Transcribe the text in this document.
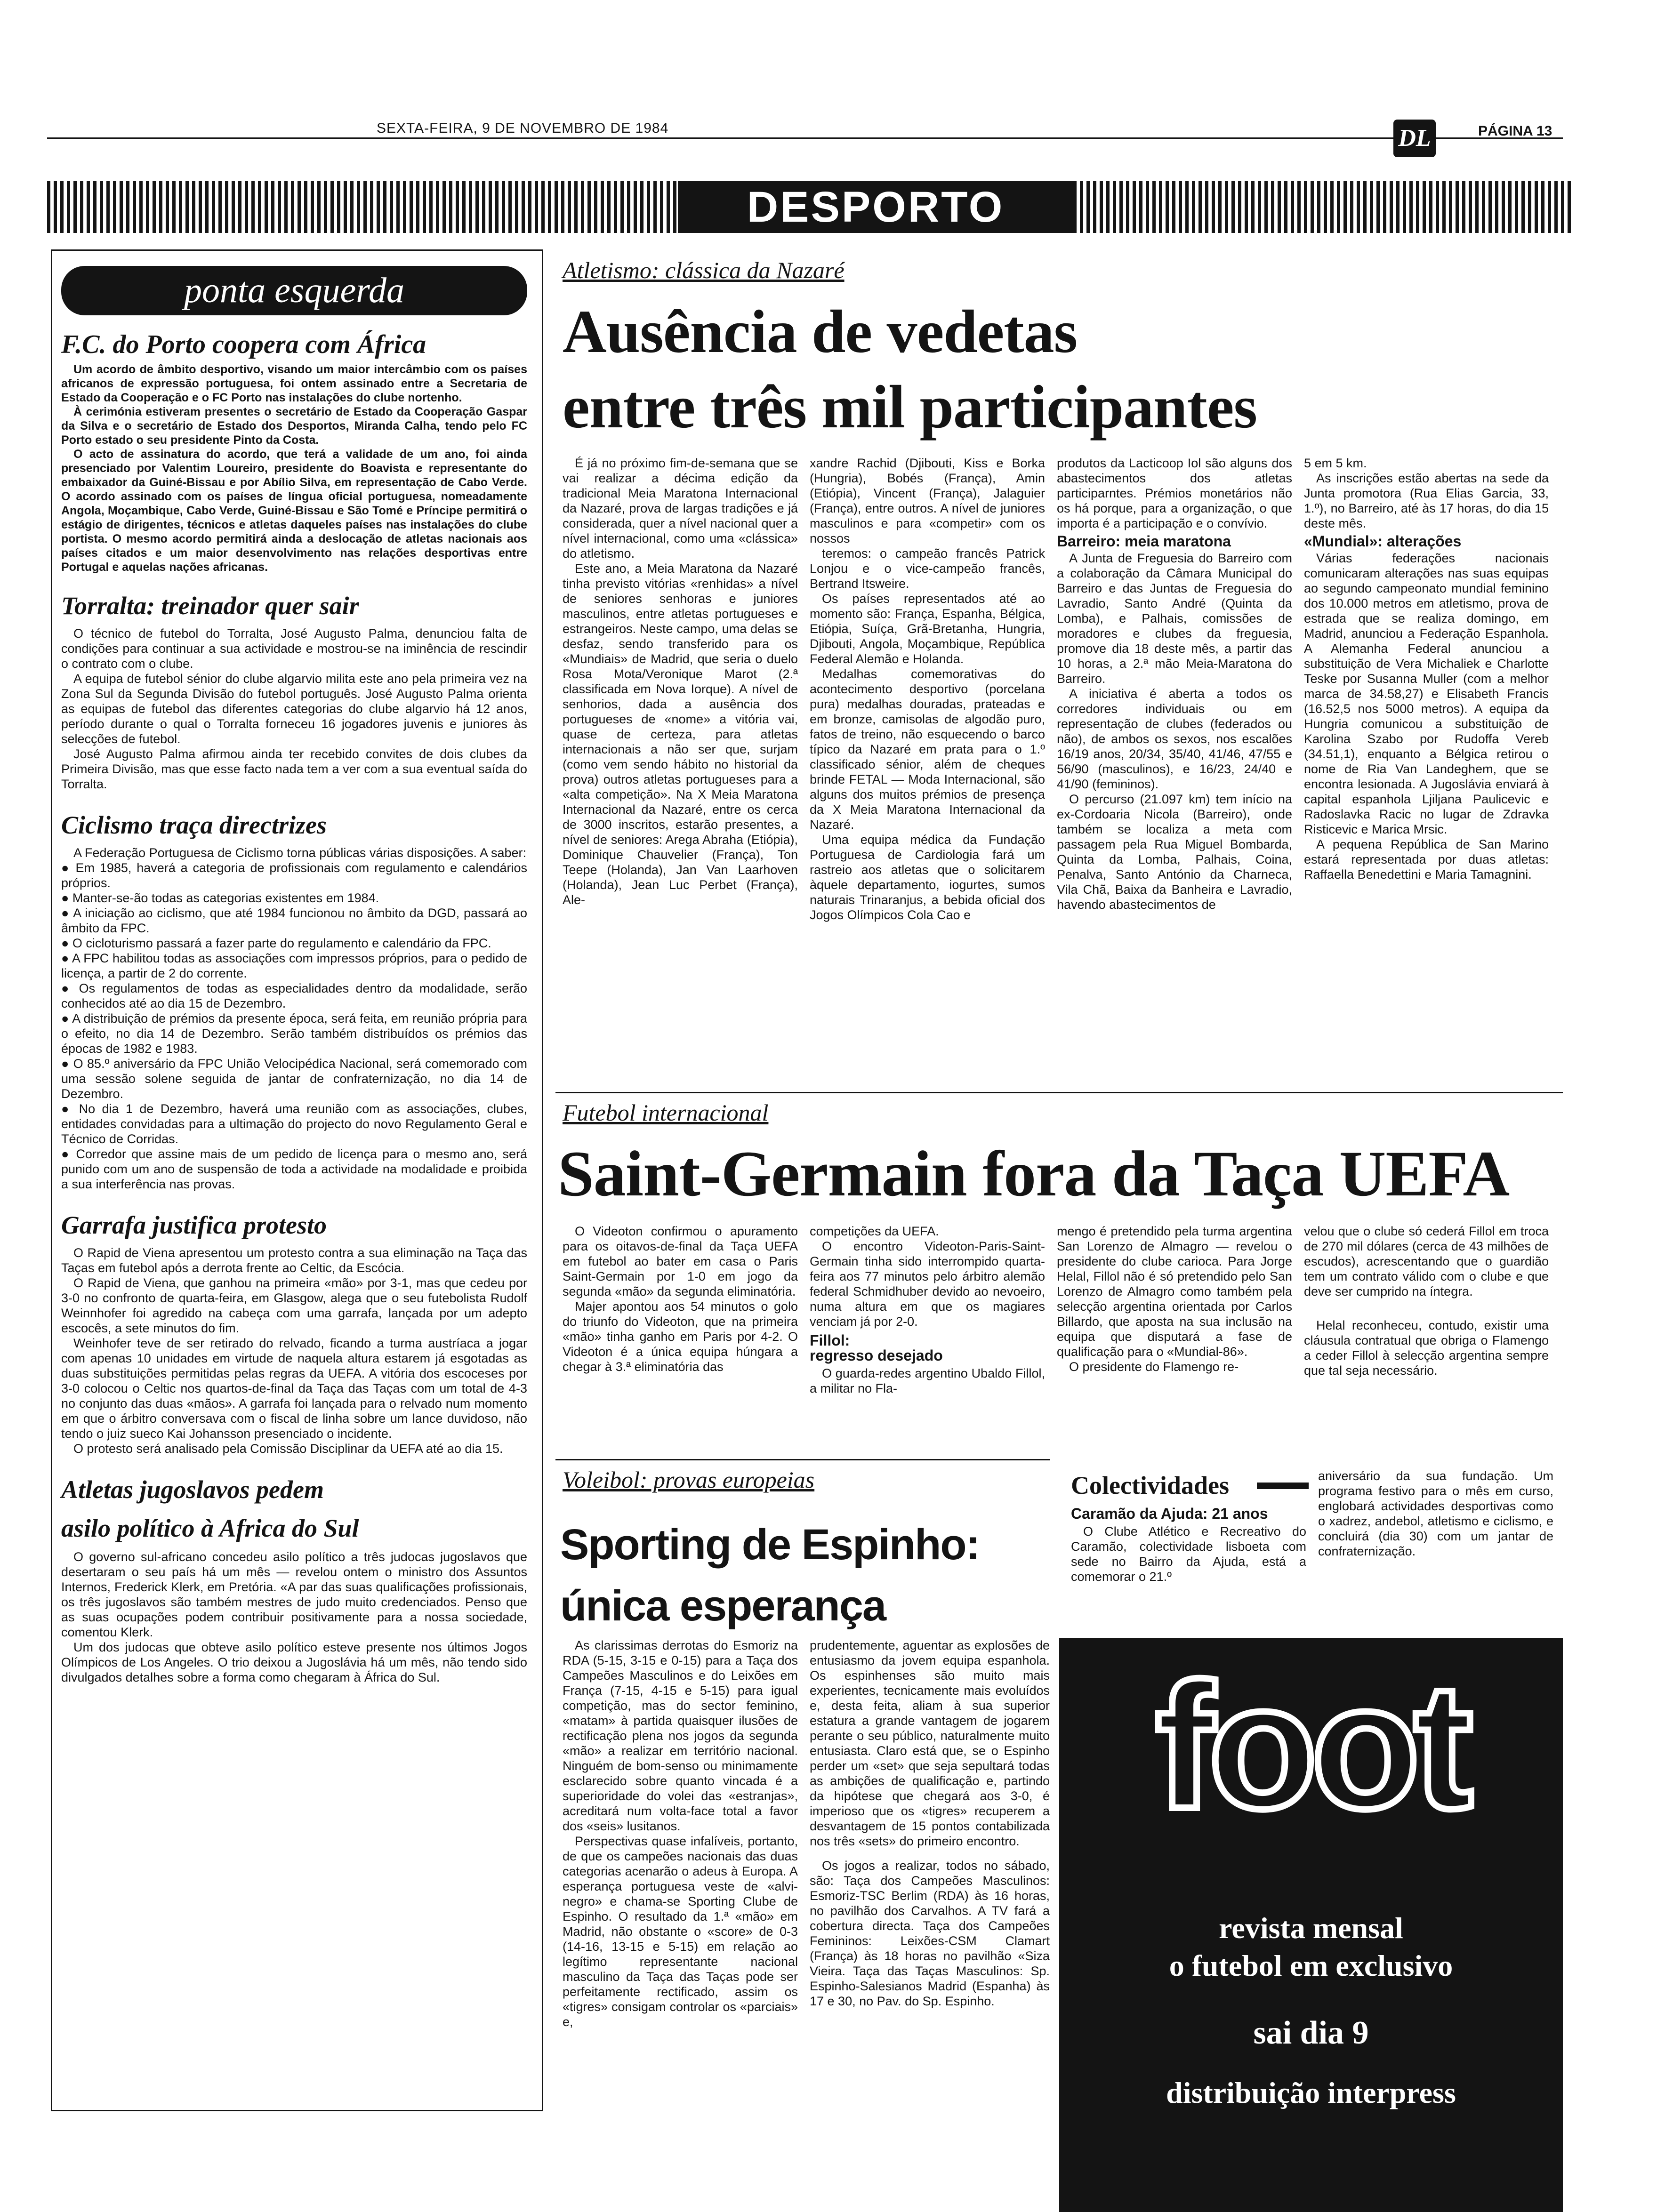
SEXTA-FEIRA, 9 DE NOVEMBRO DE 1984	DL	PÁGINA 13
DESPORTO
ponta esquerda
F.C. do Porto coopera com África

Um acordo de âmbito desportivo, visando um maior intercâmbio com os países africanos de expressão portuguesa, foi ontem assinado entre a Secretaria de Estado da Cooperação e o FC Porto nas instalações do clube nortenho.

À cerimónia estiveram presentes o secretário de Estado da Cooperação Gaspar da Silva e o secretário de Estado dos Desportos, Miranda Calha, tendo pelo FC Porto estado o seu presidente Pinto da Costa.

O acto de assinatura do acordo, que terá a validade de um ano, foi ainda presenciado por Valentim Loureiro, presidente do Boavista e representante do embaixador da Guiné-Bissau e por Abílio Silva, em representação de Cabo Verde. O acordo assinado com os países de língua oficial portuguesa, nomeadamente Angola, Moçambique, Cabo Verde, Guiné-Bissau e São Tomé e Príncipe permitirá o estágio de dirigentes, técnicos e atletas daqueles países nas instalações do clube portista. O mesmo acordo permitirá ainda a deslocação de atletas nacionais aos países citados e um maior desenvolvimento nas relações desportivas entre Portugal e aquelas nações africanas.

Torralta: treinador quer sair

O técnico de futebol do Torralta, José Augusto Palma, denunciou falta de condições para continuar a sua actividade e mostrou-se na iminência de rescindir o contrato com o clube.

A equipa de futebol sénior do clube algarvio milita este ano pela primeira vez na Zona Sul da Segunda Divisão do futebol português. José Augusto Palma orienta as equipas de futebol das diferentes categorias do clube algarvio há 12 anos, período durante o qual o Torralta forneceu 16 jogadores juvenis e juniores às selecções de futebol.

José Augusto Palma afirmou ainda ter recebido convites de dois clubes da Primeira Divisão, mas que esse facto nada tem a ver com a sua eventual saída do Torralta.

Ciclismo traça directrizes

A Federação Portuguesa de Ciclismo torna públicas várias disposições. A saber:

● Em 1985, haverá a categoria de profissionais com regulamento e calendários próprios.
● Manter-se-ão todas as categorias existentes em 1984.
● A iniciação ao ciclismo, que até 1984 funcionou no âmbito da DGD, passará ao âmbito da FPC.
● O cicloturismo passará a fazer parte do regulamento e calendário da FPC.
● A FPC habilitou todas as associações com impressos próprios, para o pedido de licença, a partir de 2 do corrente.
● Os regulamentos de todas as especialidades dentro da modalidade, serão conhecidos até ao dia 15 de Dezembro.
● A distribuição de prémios da presente época, será feita, em reunião própria para o efeito, no dia 14 de Dezembro. Serão também distribuídos os prémios das épocas de 1982 e 1983.
● O 85.º aniversário da FPC União Velocipédica Nacional, será comemorado com uma sessão solene seguida de jantar de confraternização, no dia 14 de Dezembro.
● No dia 1 de Dezembro, haverá uma reunião com as associações, clubes, entidades convidadas para a ultimação do projecto do novo Regulamento Geral e Técnico de Corridas.
● Corredor que assine mais de um pedido de licença para o mesmo ano, será punido com um ano de suspensão de toda a actividade na modalidade e proibida a sua interferência nas provas.
Garrafa justifica protesto

O Rapid de Viena apresentou um protesto contra a sua eliminação na Taça das Taças em futebol após a derrota frente ao Celtic, da Escócia.

O Rapid de Viena, que ganhou na primeira «mão» por 3-1, mas que cedeu por 3-0 no confronto de quarta-feira, em Glasgow, alega que o seu futebolista Rudolf Weinnhofer foi agredido na cabeça com uma garrafa, lançada por um adepto escocês, a sete minutos do fim.

Weinhofer teve de ser retirado do relvado, ficando a turma austríaca a jogar com apenas 10 unidades em virtude de naquela altura estarem já esgotadas as duas substituições permitidas pelas regras da UEFA. A vitória dos escoceses por 3-0 colocou o Celtic nos quartos-de-final da Taça das Taças com um total de 4-3 no conjunto das duas «mãos». A garrafa foi lançada para o relvado num momento em que o árbitro conversava com o fiscal de linha sobre um lance duvidoso, não tendo o juiz sueco Kai Johansson presenciado o incidente.

O protesto será analisado pela Comissão Disciplinar da UEFA até ao dia 15.

Atletas jugoslavos pedem
asilo político à Africa do Sul

O governo sul-africano concedeu asilo político a três judocas jugoslavos que desertaram o seu país há um mês — revelou ontem o ministro dos Assuntos Internos, Frederick Klerk, em Pretória. «A par das suas qualificações profissionais, os três jugoslavos são também mestres de judo muito credenciados. Penso que as suas ocupações podem contribuir positivamente para a nossa sociedade, comentou Klerk.

Um dos judocas que obteve asilo político esteve presente nos últimos Jogos Olímpicos de Los Angeles. O trio deixou a Jugoslávia há um mês, não tendo sido divulgados detalhes sobre a forma como chegaram à África do Sul.

Atletismo: clássica da Nazaré
Ausência de vedetas
entre três mil participantes

É já no próximo fim-de-semana que se vai realizar a décima edição da tradicional Meia Maratona Internacional da Nazaré, prova de largas tradições e já considerada, quer a nível nacional quer a nível internacional, como uma «clássica» do atletismo.

Este ano, a Meia Maratona da Nazaré tinha previsto vitórias «renhidas» a nível de seniores senhoras e juniores masculinos, entre atletas portugueses e estrangeiros. Neste campo, uma delas se desfaz, sendo transferido para os «Mundiais» de Madrid, que seria o duelo Rosa Mota/Veronique Marot (2.ª classificada em Nova Iorque). A nível de senhorios, dada a ausência dos portugueses de «nome» a vitória vai, quase de certeza, para atletas internacionais a não ser que, surjam (como vem sendo hábito no historial da prova) outros atletas portugueses para a «alta competição». Na X Meia Maratona Internacional da Nazaré, entre os cerca de 3000 inscritos, estarão presentes, a nível de seniores: Arega Abraha (Etiópia), Dominique Chauvelier (França), Ton Teepe (Holanda), Jan Van Laarhoven (Holanda), Jean Luc Perbet (França), Ale-

xandre Rachid (Djibouti, Kiss e Borka (Hungria), Bobés (França), Amin (Etiópia), Vincent (França), Jalaguier (França), entre outros. A nível de juniores masculinos e para «competir» com os nossos

teremos: o campeão francês Patrick Lonjou e o vice-campeão francês, Bertrand Itsweire.

Os países representados até ao momento são: França, Espanha, Bélgica, Etiópia, Suíça, Grã-Bretanha, Hungria, Djibouti, Angola, Moçambique, República Federal Alemão e Holanda.

Medalhas comemorativas do acontecimento desportivo (porcelana pura) medalhas douradas, prateadas e em bronze, camisolas de algodão puro, fatos de treino, não esquecendo o barco típico da Nazaré em prata para o 1.º classificado sénior, além de cheques brinde FETAL — Moda Internacional, são alguns dos muitos prémios de presença da X Meia Maratona Internacional da Nazaré.

Uma equipa médica da Fundação Portuguesa de Cardiologia fará um rastreio aos atletas que o solicitarem àquele departamento, iogurtes, sumos naturais Trinaranjus, a bebida oficial dos Jogos Olímpicos Cola Cao e

produtos da Lacticoop Iol são alguns dos abastecimentos dos atletas participarntes. Prémios monetários não os há porque, para a organização, o que importa é a participação e o convívio.

Barreiro: meia maratona

A Junta de Freguesia do Barreiro com a colaboração da Câmara Municipal do Barreiro e das Juntas de Freguesia do Lavradio, Santo André (Quinta da Lomba), e Palhais, comissões de moradores e clubes da freguesia, promove dia 18 deste mês, a partir das 10 horas, a 2.ª mão Meia-Maratona do Barreiro.

A iniciativa é aberta a todos os corredores individuais ou em representação de clubes (federados ou não), de ambos os sexos, nos escalões 16/19 anos, 20/34, 35/40, 41/46, 47/55 e 56/90 (masculinos), e 16/23, 24/40 e 41/90 (femininos).

O percurso (21.097 km) tem início na ex-Cordoaria Nicola (Barreiro), onde também se localiza a meta com passagem pela Rua Miguel Bombarda, Quinta da Lomba, Palhais, Coina, Penalva, Santo António da Charneca, Vila Chã, Baixa da Banheira e Lavradio, havendo abastecimentos de

5 em 5 km.

As inscrições estão abertas na sede da Junta promotora (Rua Elias Garcia, 33, 1.º), no Barreiro, até às 17 horas, do dia 15 deste mês.

«Mundial»: alterações

Várias federações nacionais comunicaram alterações nas suas equipas ao segundo campeonato mundial feminino dos 10.000 metros em atletismo, prova de estrada que se realiza domingo, em Madrid, anunciou a Federação Espanhola. A Alemanha Federal anunciou a substituição de Vera Michaliek e Charlotte Teske por Susanna Muller (com a melhor marca de 34.58,27) e Elisabeth Francis (16.52,5 nos 5000 metros). A equipa da Hungria comunicou a substituição de Karolina Szabo por Rudoffa Vereb (34.51,1), enquanto a Bélgica retirou o nome de Ria Van Landeghem, que se encontra lesionada. A Jugoslávia enviará à capital espanhola Ljiljana Paulicevic e Radoslavka Racic no lugar de Zdravka Risticevic e Marica Mrsic.

A pequena República de San Marino estará representada por duas atletas: Raffaella Benedettini e Maria Tamagnini.

Futebol internacional
Saint-Germain fora da Taça UEFA

O Videoton confirmou o apuramento para os oitavos-de-final da Taça UEFA em futebol ao bater em casa o Paris Saint-Germain por 1-0 em jogo da segunda «mão» da segunda eliminatória.

Majer apontou aos 54 minutos o golo do triunfo do Videoton, que na primeira «mão» tinha ganho em Paris por 4-2. O Videoton é a única equipa húngara a chegar à 3.ª eliminatória das

competições da UEFA.

O encontro Videoton-Paris-Saint-Germain tinha sido interrompido quarta-feira aos 77 minutos pelo árbitro alemão federal Schmidhuber devido ao nevoeiro, numa altura em que os magiares venciam já por 2-0.

Fillol:
regresso desejado

O guarda-redes argentino Ubaldo Fillol, a militar no Fla-

mengo é pretendido pela turma argentina San Lorenzo de Almagro — revelou o presidente do clube carioca. Para Jorge Helal, Fillol não é só pretendido pelo San Lorenzo de Almagro como também pela selecção argentina orientada por Carlos Billardo, que aposta na sua inclusão na equipa que disputará a fase de qualificação para o «Mundial-86».

O presidente do Flamengo re-

velou que o clube só cederá Fillol em troca de 270 mil dólares (cerca de 43 milhões de escudos), acrescentando que o guardião tem um contrato válido com o clube e que deve ser cumprido na íntegra.

Helal reconheceu, contudo, existir uma cláusula contratual que obriga o Flamengo a ceder Fillol à selecção argentina sempre que tal seja necessário.

Voleibol: provas europeias
Sporting de Espinho:
única esperança

As clarissimas derrotas do Esmoriz na RDA (5-15, 3-15 e 0-15) para a Taça dos Campeões Masculinos e do Leixões em França (7-15, 4-15 e 5-15) para igual competição, mas do sector feminino, «matam» à partida quaisquer ilusões de rectificação plena nos jogos da segunda «mão» a realizar em território nacional. Ninguém de bom-senso ou minimamente esclarecido sobre quanto vincada é a superioridade do volei das «estranjas», acreditará num volta-face total a favor dos «seis» lusitanos.

Perspectivas quase infalíveis, portanto, de que os campeões nacionais das duas categorias acenarão o adeus à Europa. A esperança portuguesa veste de «alvi-negro» e chama-se Sporting Clube de Espinho. O resultado da 1.ª «mão» em Madrid, não obstante o «score» de 0-3 (14-16, 13-15 e 5-15) em relação ao legítimo representante nacional masculino da Taça das Taças pode ser perfeitamente rectificado, assim os «tigres» consigam controlar os «parciais» e,

prudentemente, aguentar as explosões de entusiasmo da jovem equipa espanhola. Os espinhenses são muito mais experientes, tecnicamente mais evoluídos e, desta feita, aliam à sua superior estatura a grande vantagem de jogarem perante o seu público, naturalmente muito entusiasta. Claro está que, se o Espinho perder um «set» que seja sepultará todas as ambições de qualificação e, partindo da hipótese que chegará aos 3-0, é imperioso que os «tigres» recuperem a desvantagem de 15 pontos contabilizada nos três «sets» do primeiro encontro.

Os jogos a realizar, todos no sábado, são: Taça dos Campeões Masculinos: Esmoriz-TSC Berlim (RDA) às 16 horas, no pavilhão dos Carvalhos. A TV fará a cobertura directa. Taça dos Campeões Femininos: Leixões-CSM Clamart (França) às 18 horas no pavilhão «Siza Vieira. Taça das Taças Masculinos: Sp. Espinho-Salesianos Madrid (Espanha) às 17 e 30, no Pav. do Sp. Espinho.

Colectividades
Caramão da Ajuda: 21 anos

O Clube Atlético e Recreativo do Caramão, colectividade lisboeta com sede no Bairro da Ajuda, está a comemorar o 21.º

aniversário da sua fundação. Um programa festivo para o mês em curso, englobará actividades desportivas como o xadrez, andebol, atletismo e ciclismo, e concluirá (dia 30) com um jantar de confraternização.

foot
revista mensal
o futebol em exclusivo
sai dia 9
distribuição interpress
